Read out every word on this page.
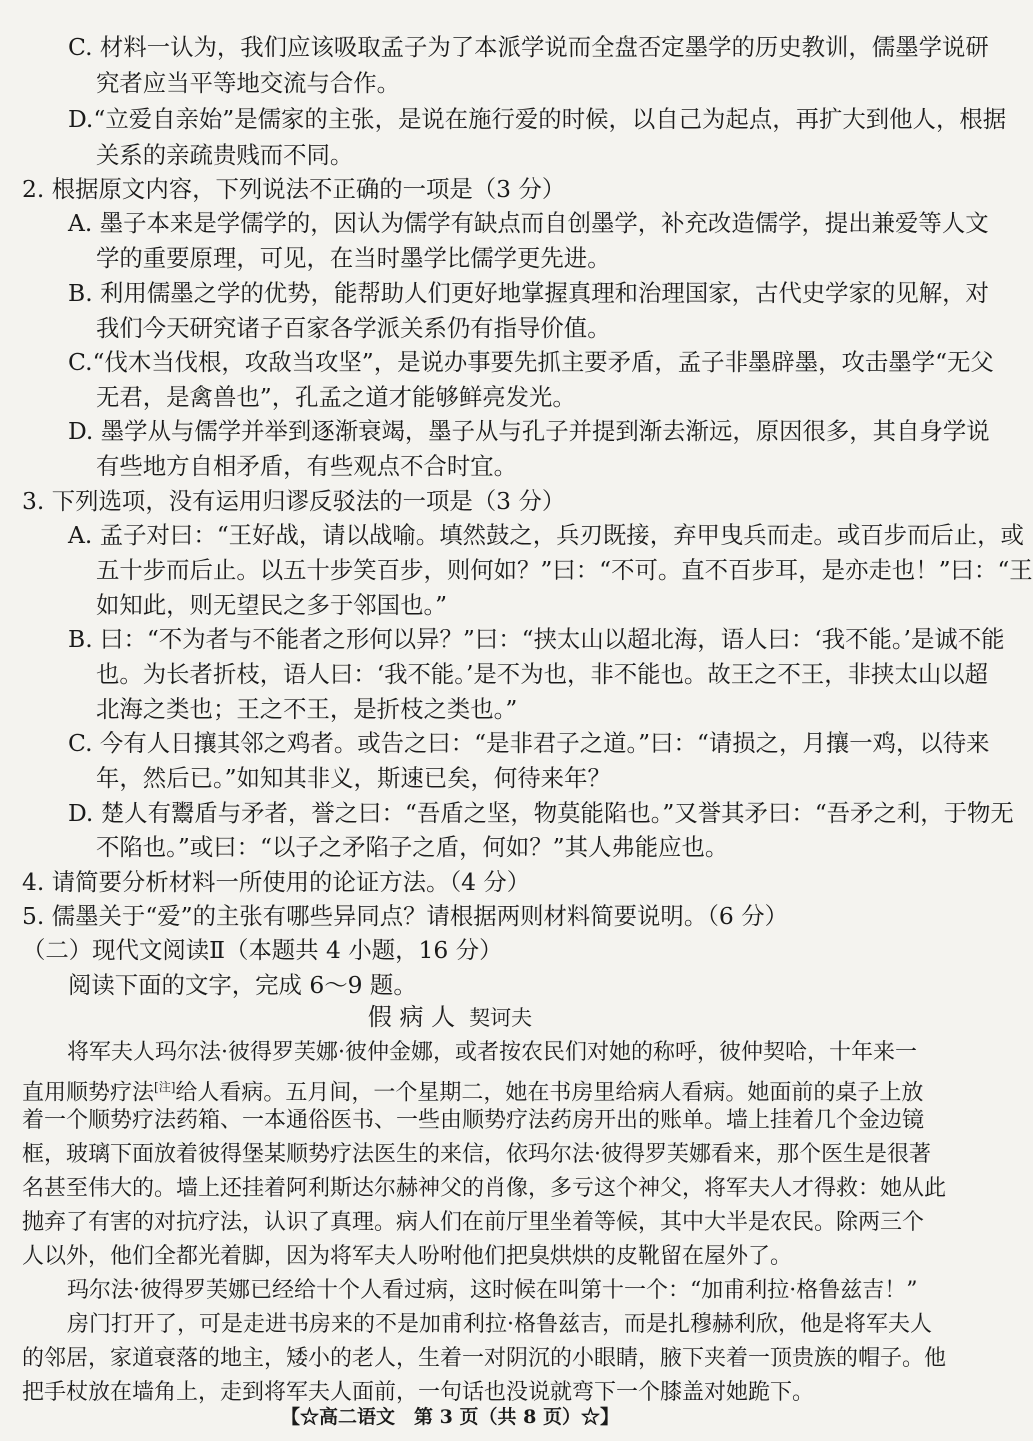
假 病 人 契诃夫
【☆高二语文　第 3 页（共 8 页）☆】
C. 材料一认为，我们应该吸取孟子为了本派学说而全盘否定墨学的历史教训，儒墨学说研
究者应当平等地交流与合作。
D.“立爱自亲始”是儒家的主张，是说在施行爱的时候，以自己为起点，再扩大到他人，根据
关系的亲疏贵贱而不同。
2. 根据原文内容，下列说法不正确的一项是（3 分）
A. 墨子本来是学儒学的，因认为儒学有缺点而自创墨学，补充改造儒学，提出兼爱等人文
学的重要原理，可见，在当时墨学比儒学更先进。
B. 利用儒墨之学的优势，能帮助人们更好地掌握真理和治理国家，古代史学家的见解，对
我们今天研究诸子百家各学派关系仍有指导价值。
C.“伐木当伐根，攻敌当攻坚”，是说办事要先抓主要矛盾，孟子非墨辟墨，攻击墨学“无父
无君，是禽兽也”，孔孟之道才能够鲜亮发光。
D. 墨学从与儒学并举到逐渐衰竭，墨子从与孔子并提到渐去渐远，原因很多，其自身学说
有些地方自相矛盾，有些观点不合时宜。
3. 下列选项，没有运用归谬反驳法的一项是（3 分）
A. 孟子对曰：“王好战，请以战喻。填然鼓之，兵刃既接，弃甲曳兵而走。或百步而后止，或
五十步而后止。以五十步笑百步，则何如？”曰：“不可。直不百步耳，是亦走也！”曰：“王
如知此，则无望民之多于邻国也。”
B. 曰：“不为者与不能者之形何以异？”曰：“挟太山以超北海，语人曰：‘我不能。’是诚不能
也。为长者折枝，语人曰：‘我不能。’是不为也，非不能也。故王之不王，非挟太山以超
北海之类也；王之不王，是折枝之类也。”
C. 今有人日攘其邻之鸡者。或告之曰：“是非君子之道。”曰：“请损之，月攘一鸡，以待来
年，然后已。”如知其非义，斯速已矣，何待来年？
D. 楚人有鬻盾与矛者，誉之曰：“吾盾之坚，物莫能陷也。”又誉其矛曰：“吾矛之利，于物无
不陷也。”或曰：“以子之矛陷子之盾，何如？”其人弗能应也。
4. 请简要分析材料一所使用的论证方法。（4 分）
5. 儒墨关于“爱”的主张有哪些异同点？请根据两则材料简要说明。（6 分）
（二）现代文阅读Ⅱ（本题共 4 小题，16 分）
阅读下面的文字，完成 6～9 题。
将军夫人玛尔法·彼得罗芙娜·彼仲金娜，或者按农民们对她的称呼，彼仲契哈，十年来一
直用顺势疗法[注]给人看病。五月间，一个星期二，她在书房里给病人看病。她面前的桌子上放
着一个顺势疗法药箱、一本通俗医书、一些由顺势疗法药房开出的账单。墙上挂着几个金边镜
框，玻璃下面放着彼得堡某顺势疗法医生的来信，依玛尔法·彼得罗芙娜看来，那个医生是很著
名甚至伟大的。墙上还挂着阿利斯达尔赫神父的肖像，多亏这个神父，将军夫人才得救：她从此
抛弃了有害的对抗疗法，认识了真理。病人们在前厅里坐着等候，其中大半是农民。除两三个
人以外，他们全都光着脚，因为将军夫人吩咐他们把臭烘烘的皮靴留在屋外了。
玛尔法·彼得罗芙娜已经给十个人看过病，这时候在叫第十一个：“加甫利拉·格鲁兹吉！”
房门打开了，可是走进书房来的不是加甫利拉·格鲁兹吉，而是扎穆赫利欣，他是将军夫人
的邻居，家道衰落的地主，矮小的老人，生着一对阴沉的小眼睛，腋下夹着一顶贵族的帽子。他
把手杖放在墙角上，走到将军夫人面前，一句话也没说就弯下一个膝盖对她跪下。
